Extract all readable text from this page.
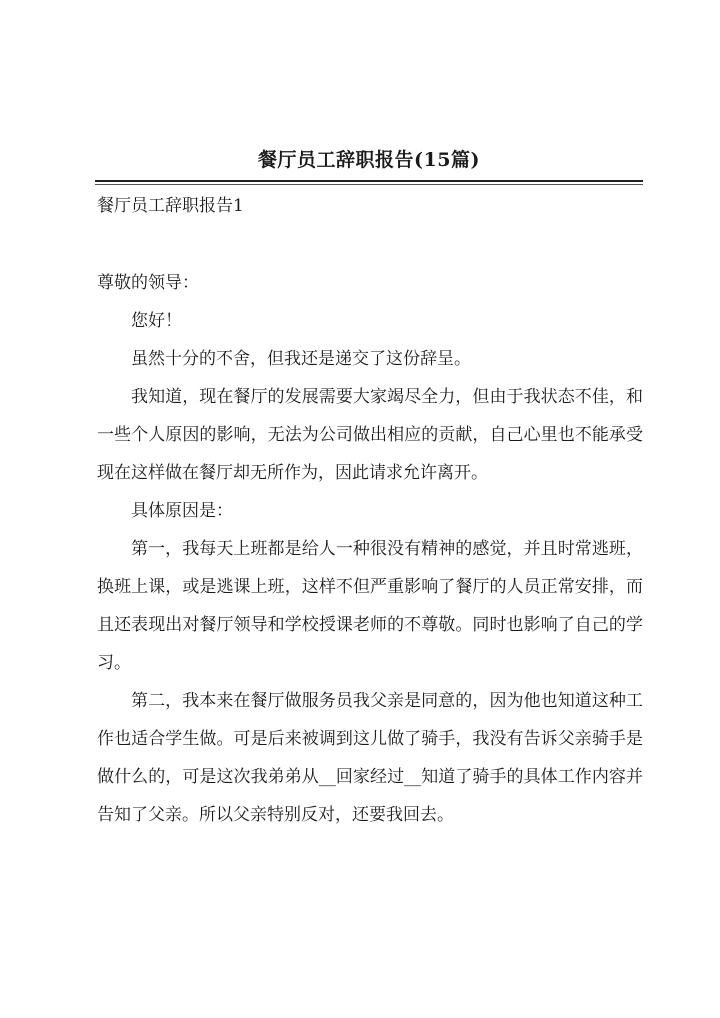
餐厅员工辞职报告(15篇)
餐厅员工辞职报告1

尊敬的领导：

您好！

虽然十分的不舍，但我还是递交了这份辞呈。

我知道，现在餐厅的发展需要大家竭尽全力，但由于我状态不佳，和一些个人原因的影响，无法为公司做出相应的贡献，自己心里也不能承受现在这样做在餐厅却无所作为，因此请求允许离开。

具体原因是：

第一，我每天上班都是给人一种很没有精神的感觉，并且时常逃班，换班上课，或是逃课上班，这样不但严重影响了餐厅的人员正常安排，而且还表现出对餐厅领导和学校授课老师的不尊敬。同时也影响了自己的学习。

第二，我本来在餐厅做服务员我父亲是同意的，因为他也知道这种工作也适合学生做。可是后来被调到这儿做了骑手，我没有告诉父亲骑手是做什么的，可是这次我弟弟从__回家经过__知道了骑手的具体工作内容并告知了父亲。所以父亲特别反对，还要我回去。
